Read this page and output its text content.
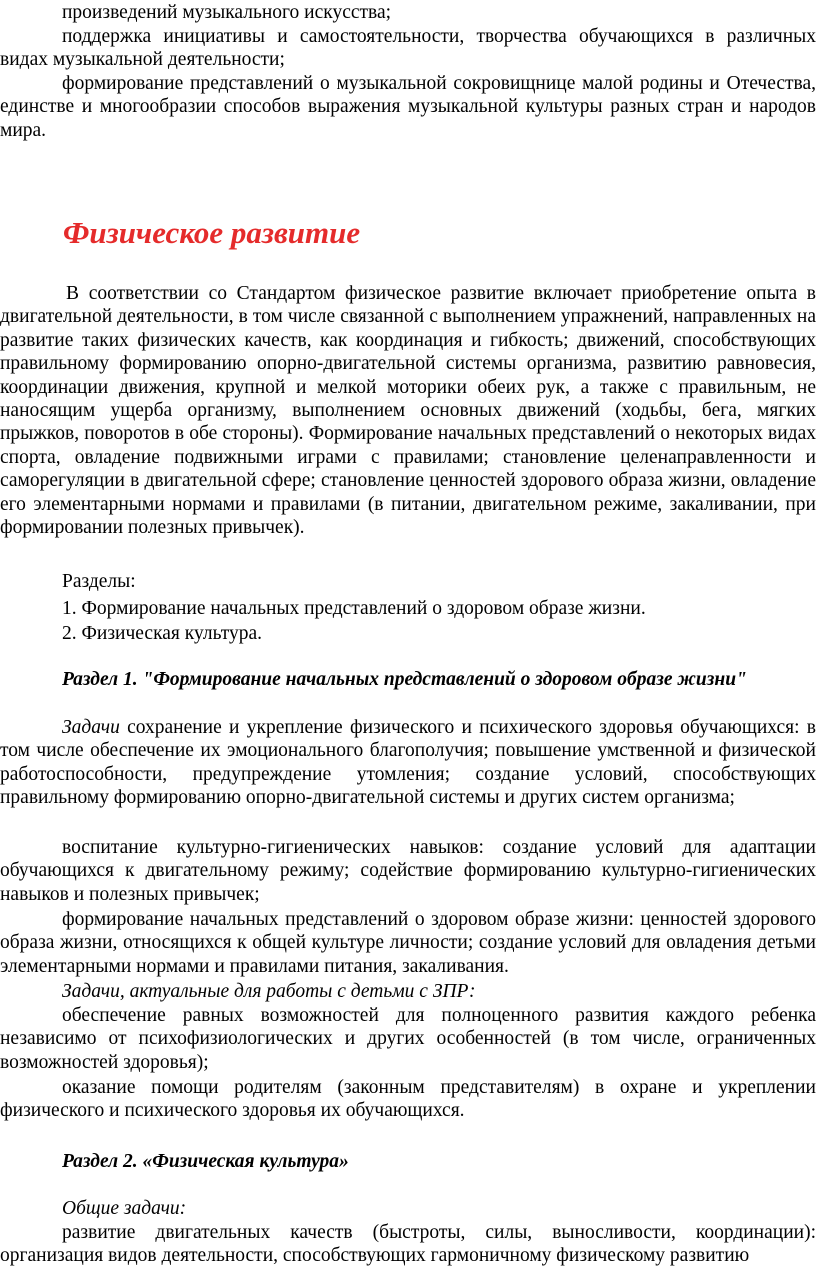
произведений музыкального искусства;

поддержка инициативы и самостоятельности, творчества обучающихся в различных видах музыкальной деятельности;

формирование представлений о музыкальной сокровищнице малой родины и Отечества, единстве и многообразии способов выражения музыкальной культуры разных стран и народов мира.

Физическое развитие

В соответствии со Стандартом физическое развитие включает приобретение опыта в двигательной деятельности, в том числе связанной с выполнением упражнений, направленных на развитие таких физических качеств, как координация и гибкость; движений, способствующих правильному формированию опорно-двигательной системы организма, развитию равновесия, координации движения, крупной и мелкой моторики обеих рук, а также с правильным, не наносящим ущерба организму, выполнением основных движений (ходьбы, бега, мягких прыжков, поворотов в обе стороны). Формирование начальных представлений о некоторых видах спорта, овладение подвижными играми с правилами; становление целенаправленности и саморегуляции в двигательной сфере; становление ценностей здорового образа жизни, овладение его элементарными нормами и правилами (в питании, двигательном режиме, закаливании, при формировании полезных привычек).

Разделы:

1. Формирование начальных представлений о здоровом образе жизни.

2. Физическая культура.

Раздел 1. "Формирование начальных представлений о здоровом образе жизни"

Задачи сохранение и укрепление физического и психического здоровья обучающихся: в том числе обеспечение их эмоционального благополучия; повышение умственной и физической работоспособности, предупреждение утомления; создание условий, способствующих правильному формированию опорно-двигательной системы и других систем организма;

воспитание культурно-гигиенических навыков: создание условий для адаптации обучающихся к двигательному режиму; содействие формированию культурно-гигиенических навыков и полезных привычек;

формирование начальных представлений о здоровом образе жизни: ценностей здорового образа жизни, относящихся к общей культуре личности; создание условий для овладения детьми элементарными нормами и правилами питания, закаливания.

Задачи, актуальные для работы с детьми с ЗПР:

обеспечение равных возможностей для полноценного развития каждого ребенка независимо от психофизиологических и других особенностей (в том числе, ограниченных возможностей здоровья);

оказание помощи родителям (законным представителям) в охране и укреплении физического и психического здоровья их обучающихся.

Раздел 2. «Физическая культура»

Общие задачи:

развитие двигательных качеств (быстроты, силы, выносливости, координации): организация видов деятельности, способствующих гармоничному физическому развитию
